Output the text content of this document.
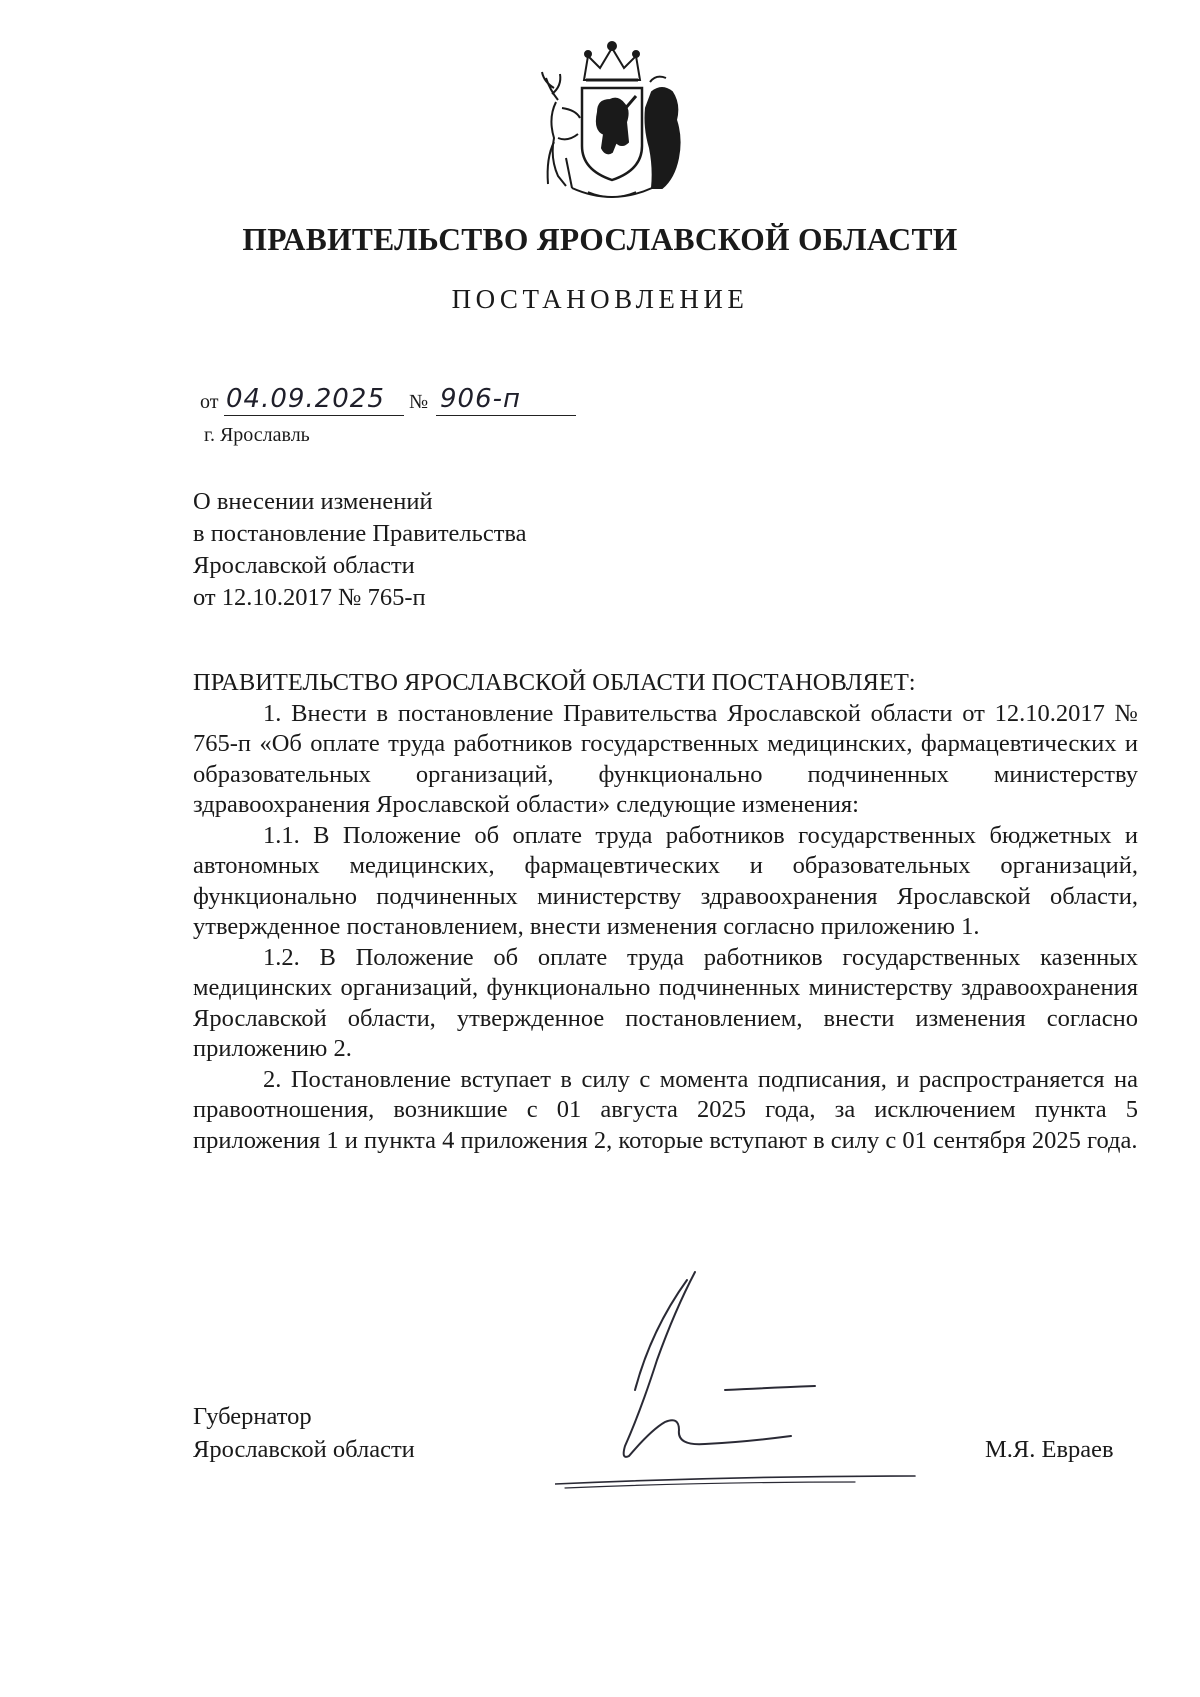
ПРАВИТЕЛЬСТВО ЯРОСЛАВСКОЙ ОБЛАСТИ
ПОСТАНОВЛЕНИЕ
от 04.09.2025 № 906-п
г. Ярославль
О внесении изменений
в постановление Правительства
Ярославской области
от 12.10.2017 № 765-п
ПРАВИТЕЛЬСТВО ЯРОСЛАВСКОЙ ОБЛАСТИ ПОСТАНОВЛЯЕТ:

1. Внести в постановление Правительства Ярославской области от 12.10.2017 № 765-п «Об оплате труда работников государственных медицинских, фармацевтических и образовательных организаций, функционально подчиненных министерству здравоохранения Ярославской области» следующие изменения:

1.1. В Положение об оплате труда работников государственных бюджетных и автономных медицинских, фармацевтических и образовательных организаций, функционально подчиненных министерству здравоохранения Ярославской области, утвержденное постановлением, внести изменения согласно приложению 1.

1.2. В Положение об оплате труда работников государственных казенных медицинских организаций, функционально подчиненных министерству здравоохранения Ярославской области, утвержденное постановлением, внести изменения согласно приложению 2.

2. Постановление вступает в силу с момента подписания, и распространяется на правоотношения, возникшие с 01 августа 2025 года, за исключением пункта 5 приложения 1 и пункта 4 приложения 2, которые вступают в силу с 01 сентября 2025 года.

Губернатор
Ярославской области	М.Я. Евраев
